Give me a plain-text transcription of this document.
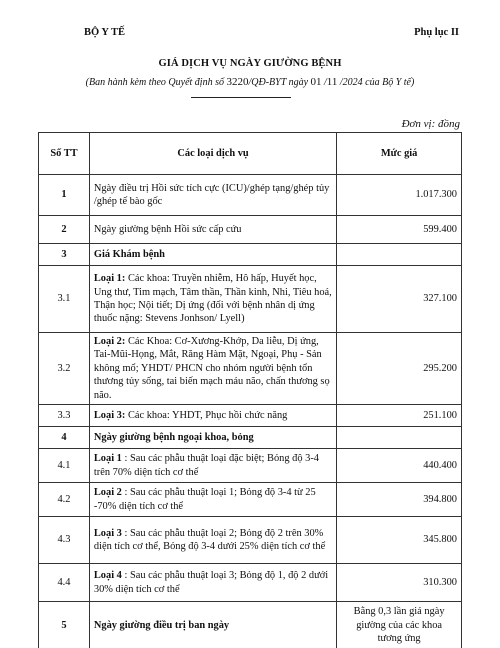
BỘ Y TẾ	Phụ lục II
GIÁ DỊCH VỤ NGÀY GIƯỜNG BỆNH
(Ban hành kèm theo Quyết định số 3220/QĐ-BYT ngày 01 /11 /2024 của Bộ Y tế)
Đơn vị: đồng
Số TT	Các loại dịch vụ	Mức giá
1	Ngày điều trị Hồi sức tích cực (ICU)/ghép tạng/ghép tủy /ghép tế bào gốc	1.017.300
2	Ngày giường bệnh Hồi sức cấp cứu	599.400
3	Giá Khám bệnh	
3.1	Loại 1: Các khoa: Truyền nhiễm, Hô hấp, Huyết học, Ung thư, Tim mạch, Tâm thần, Thần kinh, Nhi, Tiêu hoá, Thận học; Nội tiết; Dị ứng (đối với bệnh nhân dị ứng thuốc nặng: Stevens Jonhson/ Lyell)	327.100
3.2	Loại 2: Các Khoa: Cơ-Xương-Khớp, Da liễu, Dị ứng, Tai-Mũi-Họng, Mắt, Răng Hàm Mặt, Ngoại, Phụ - Sản không mổ; YHDT/ PHCN cho nhóm người bệnh tổn thương tủy sống, tai biến mạch máu não, chấn thương sọ não.	295.200
3.3	Loại 3: Các khoa: YHDT, Phục hồi chức năng	251.100
4	Ngày giường bệnh ngoại khoa, bỏng	
4.1	Loại 1 : Sau các phẫu thuật loại đặc biệt; Bỏng độ 3-4 trên 70% diện tích cơ thể	440.400
4.2	Loại 2 : Sau các phẫu thuật loại 1; Bỏng độ 3-4 từ 25 -70% diện tích cơ thể	394.800
4.3	Loại 3 : Sau các phẫu thuật loại 2; Bỏng độ 2 trên 30% diện tích cơ thể, Bỏng độ 3-4 dưới 25% diện tích cơ thể	345.800
4.4	Loại 4 : Sau các phẫu thuật loại 3; Bỏng độ 1, độ 2 dưới 30% diện tích cơ thể	310.300
5	Ngày giường điều trị ban ngày	Bằng 0,3 lần giá ngày giường của các khoa tương ứng
